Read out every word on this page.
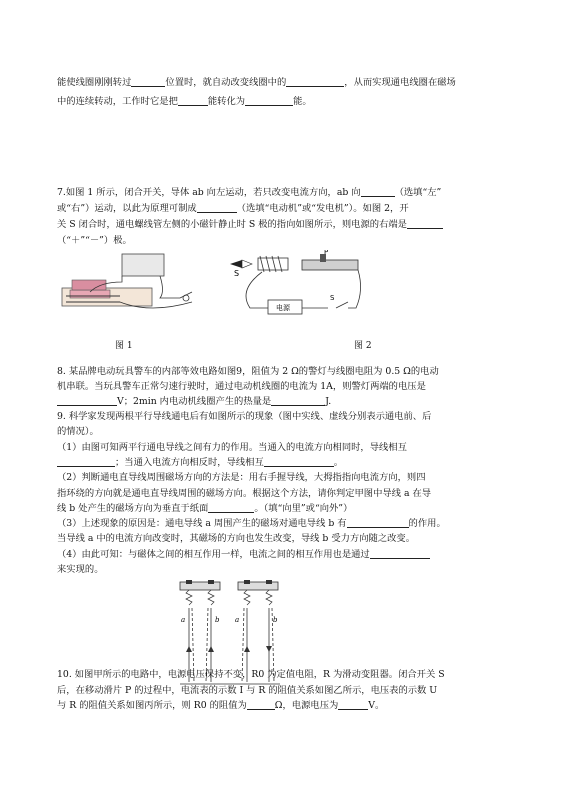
能使线圈刚刚转过	位置时，就自动改变线圈中的	，从而实现通电线圈在磁场
中的连续转动，工作时它是把	能转化为	能。
7.如图 1 所示，闭合开关，导体 ab 向左运动，若只改变电流方向，ab 向	（选填“左”
或“右”）运动，以此为原理可制成	（选填“电动机”或“发电机”）。如图 2，开
关 S 闭合时，通电螺线管左侧的小磁针静止时 S 极的指向如图所示，则电源的右端是
（“＋”“－”）极。
图 1
S
P
电源
S
图 2
8. 某品牌电动玩具警车的内部等效电路如图9，阻值为 2 Ω的警灯与线圈电阻为 0.5 Ω的电动
机串联。当玩具警车正常匀速行驶时，通过电动机线圈的电流为 1A，则警灯两端的电压是
V；2min 内电动机线圈产生的热量是	J.
9. 科学家发现两根平行导线通电后有如图所示的现象（图中实线、虚线分别表示通电前、后
的情况）。
（1）由图可知两平行通电导线之间有力的作用。当通入的电流方向相同时，导线相互
；当通入电流方向相反时，导线相互	。
（2）判断通电直导线周围磁场方向的方法是：用右手握导线，大拇指指向电流方向，则四
指环绕的方向就是通电直导线周围的磁场方向。根据这个方法，请你判定甲图中导线 a 在导
线 b 处产生的磁场方向为垂直于纸面	。（填“向里”或“向外”）
（3）上述现象的原因是：通电导线 a 周围产生的磁场对通电导线 b 有	的作用。
当导线 a 中的电流方向改变时，其磁场的方向也发生改变，导线 b 受力方向随之改变。
（4）由此可知：与磁体之间的相互作用一样，电流之间的相互作用也是通过
来实现的。
a	b a	b
10. 如图甲所示的电路中，电源电压保持不变，R0 为定值电阻，R 为滑动变阻器。闭合开关 S
后，在移动滑片 P 的过程中，电流表的示数 I 与 R 的阻值关系如图乙所示，电压表的示数 U
与 R 的阻值关系如图丙所示，则 R0 的阻值为	Ω，电源电压为	V。
